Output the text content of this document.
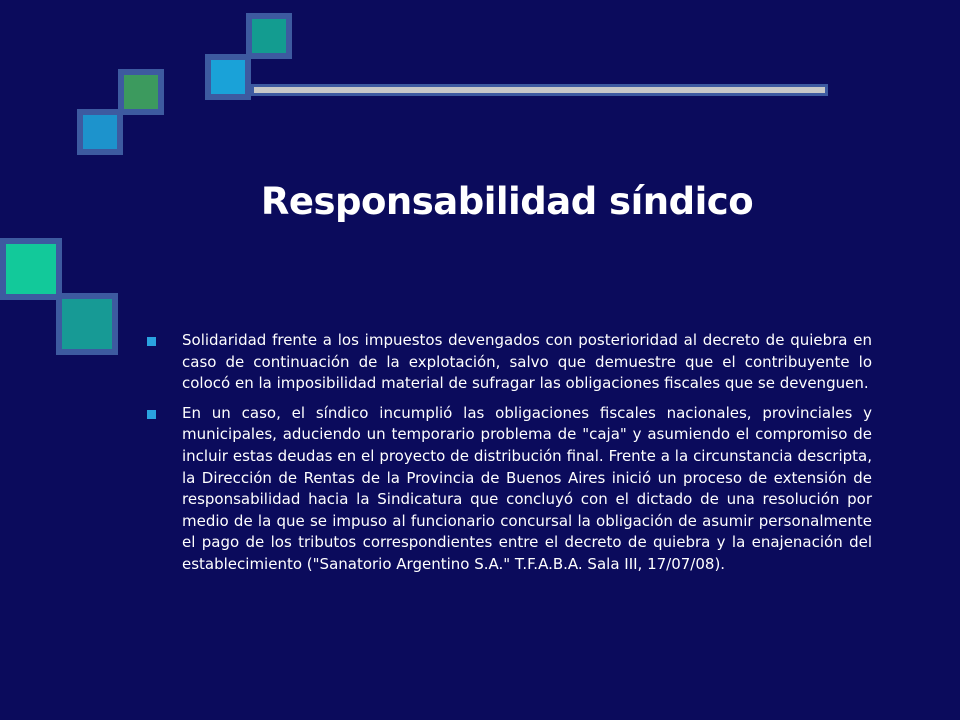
Responsabilidad síndico
Solidaridad frente a los impuestos devengados con posterioridad al decreto de quiebra en caso de continuación de la explotación, salvo que demuestre que el contribuyente lo colocó en la imposibilidad material de sufragar las obligaciones fiscales que se devenguen.
En un caso, el síndico incumplió las obligaciones fiscales nacionales, provinciales y municipales, aduciendo un temporario problema de "caja" y asumiendo el compromiso de incluir estas deudas en el proyecto de distribución final. Frente a la circunstancia descripta, la Dirección de Rentas de la Provincia de Buenos Aires inició un proceso de extensión de responsabilidad hacia la Sindicatura que concluyó con el dictado de una resolución por medio de la que se impuso al funcionario concursal la obligación de asumir personalmente el pago de los tributos correspondientes entre el decreto de quiebra y la enajenación del establecimiento ("Sanatorio Argentino S.A." T.F.A.B.A. Sala III, 17/07/08).
